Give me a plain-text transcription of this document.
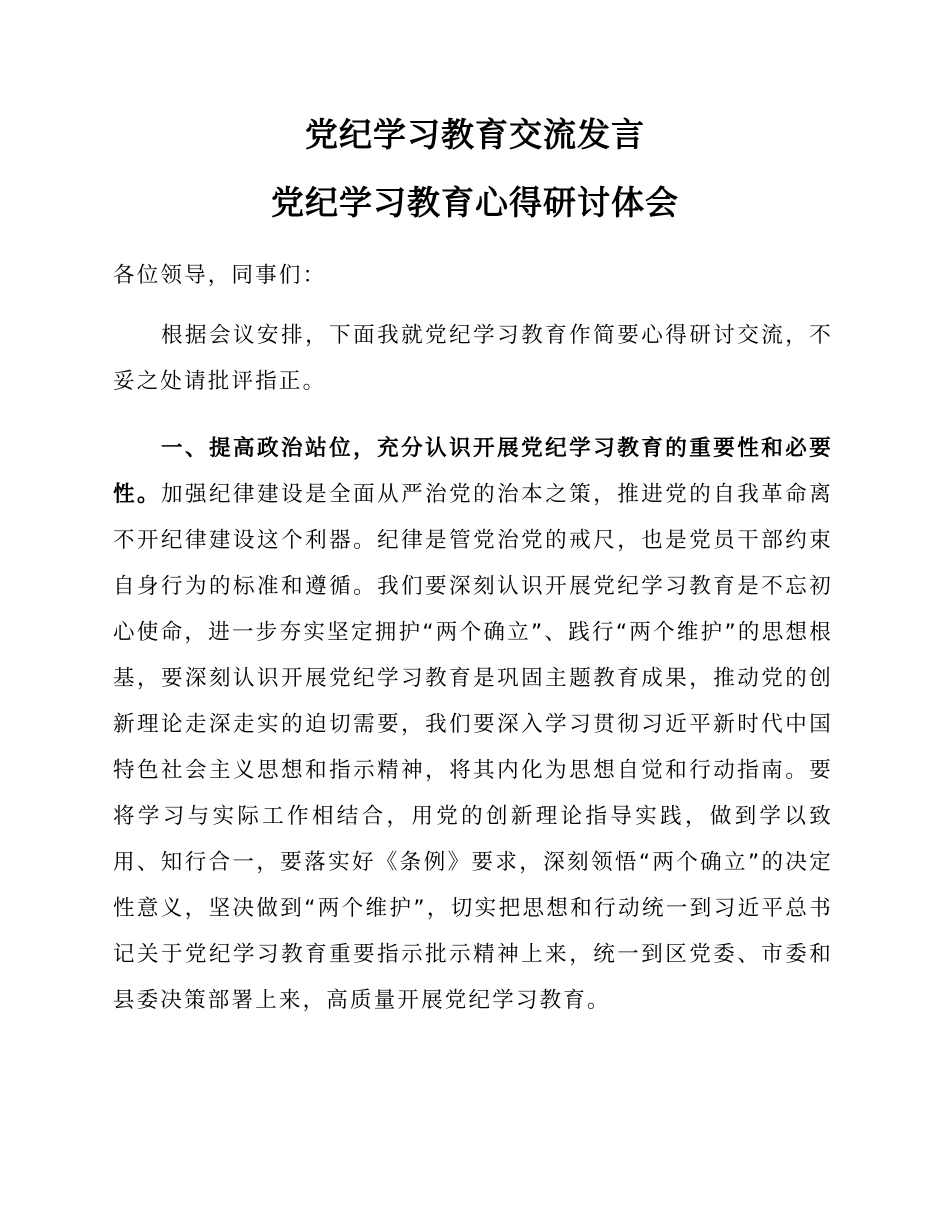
党纪学习教育交流发言
党纪学习教育心得研讨体会

各位领导，同事们：

根据会议安排，下面我就党纪学习教育作简要心得研讨交流，不妥之处请批评指正。

一、提高政治站位，充分认识开展党纪学习教育的重要性和必要性。加强纪律建设是全面从严治党的治本之策，推进党的自我革命离不开纪律建设这个利器。纪律是管党治党的戒尺，也是党员干部约束自身行为的标准和遵循。我们要深刻认识开展党纪学习教育是不忘初心使命，进一步夯实坚定拥护“两个确立”、践行“两个维护”的思想根基，要深刻认识开展党纪学习教育是巩固主题教育成果，推动党的创新理论走深走实的迫切需要，我们要深入学习贯彻习近平新时代中国特色社会主义思想和指示精神，将其内化为思想自觉和行动指南。要将学习与实际工作相结合，用党的创新理论指导实践，做到学以致用、知行合一，要落实好《条例》要求，深刻领悟“两个确立”的决定性意义，坚决做到“两个维护”，切实把思想和行动统一到习近平总书记关于党纪学习教育重要指示批示精神上来，统一到区党委、市委和县委决策部署上来，高质量开展党纪学习教育。
